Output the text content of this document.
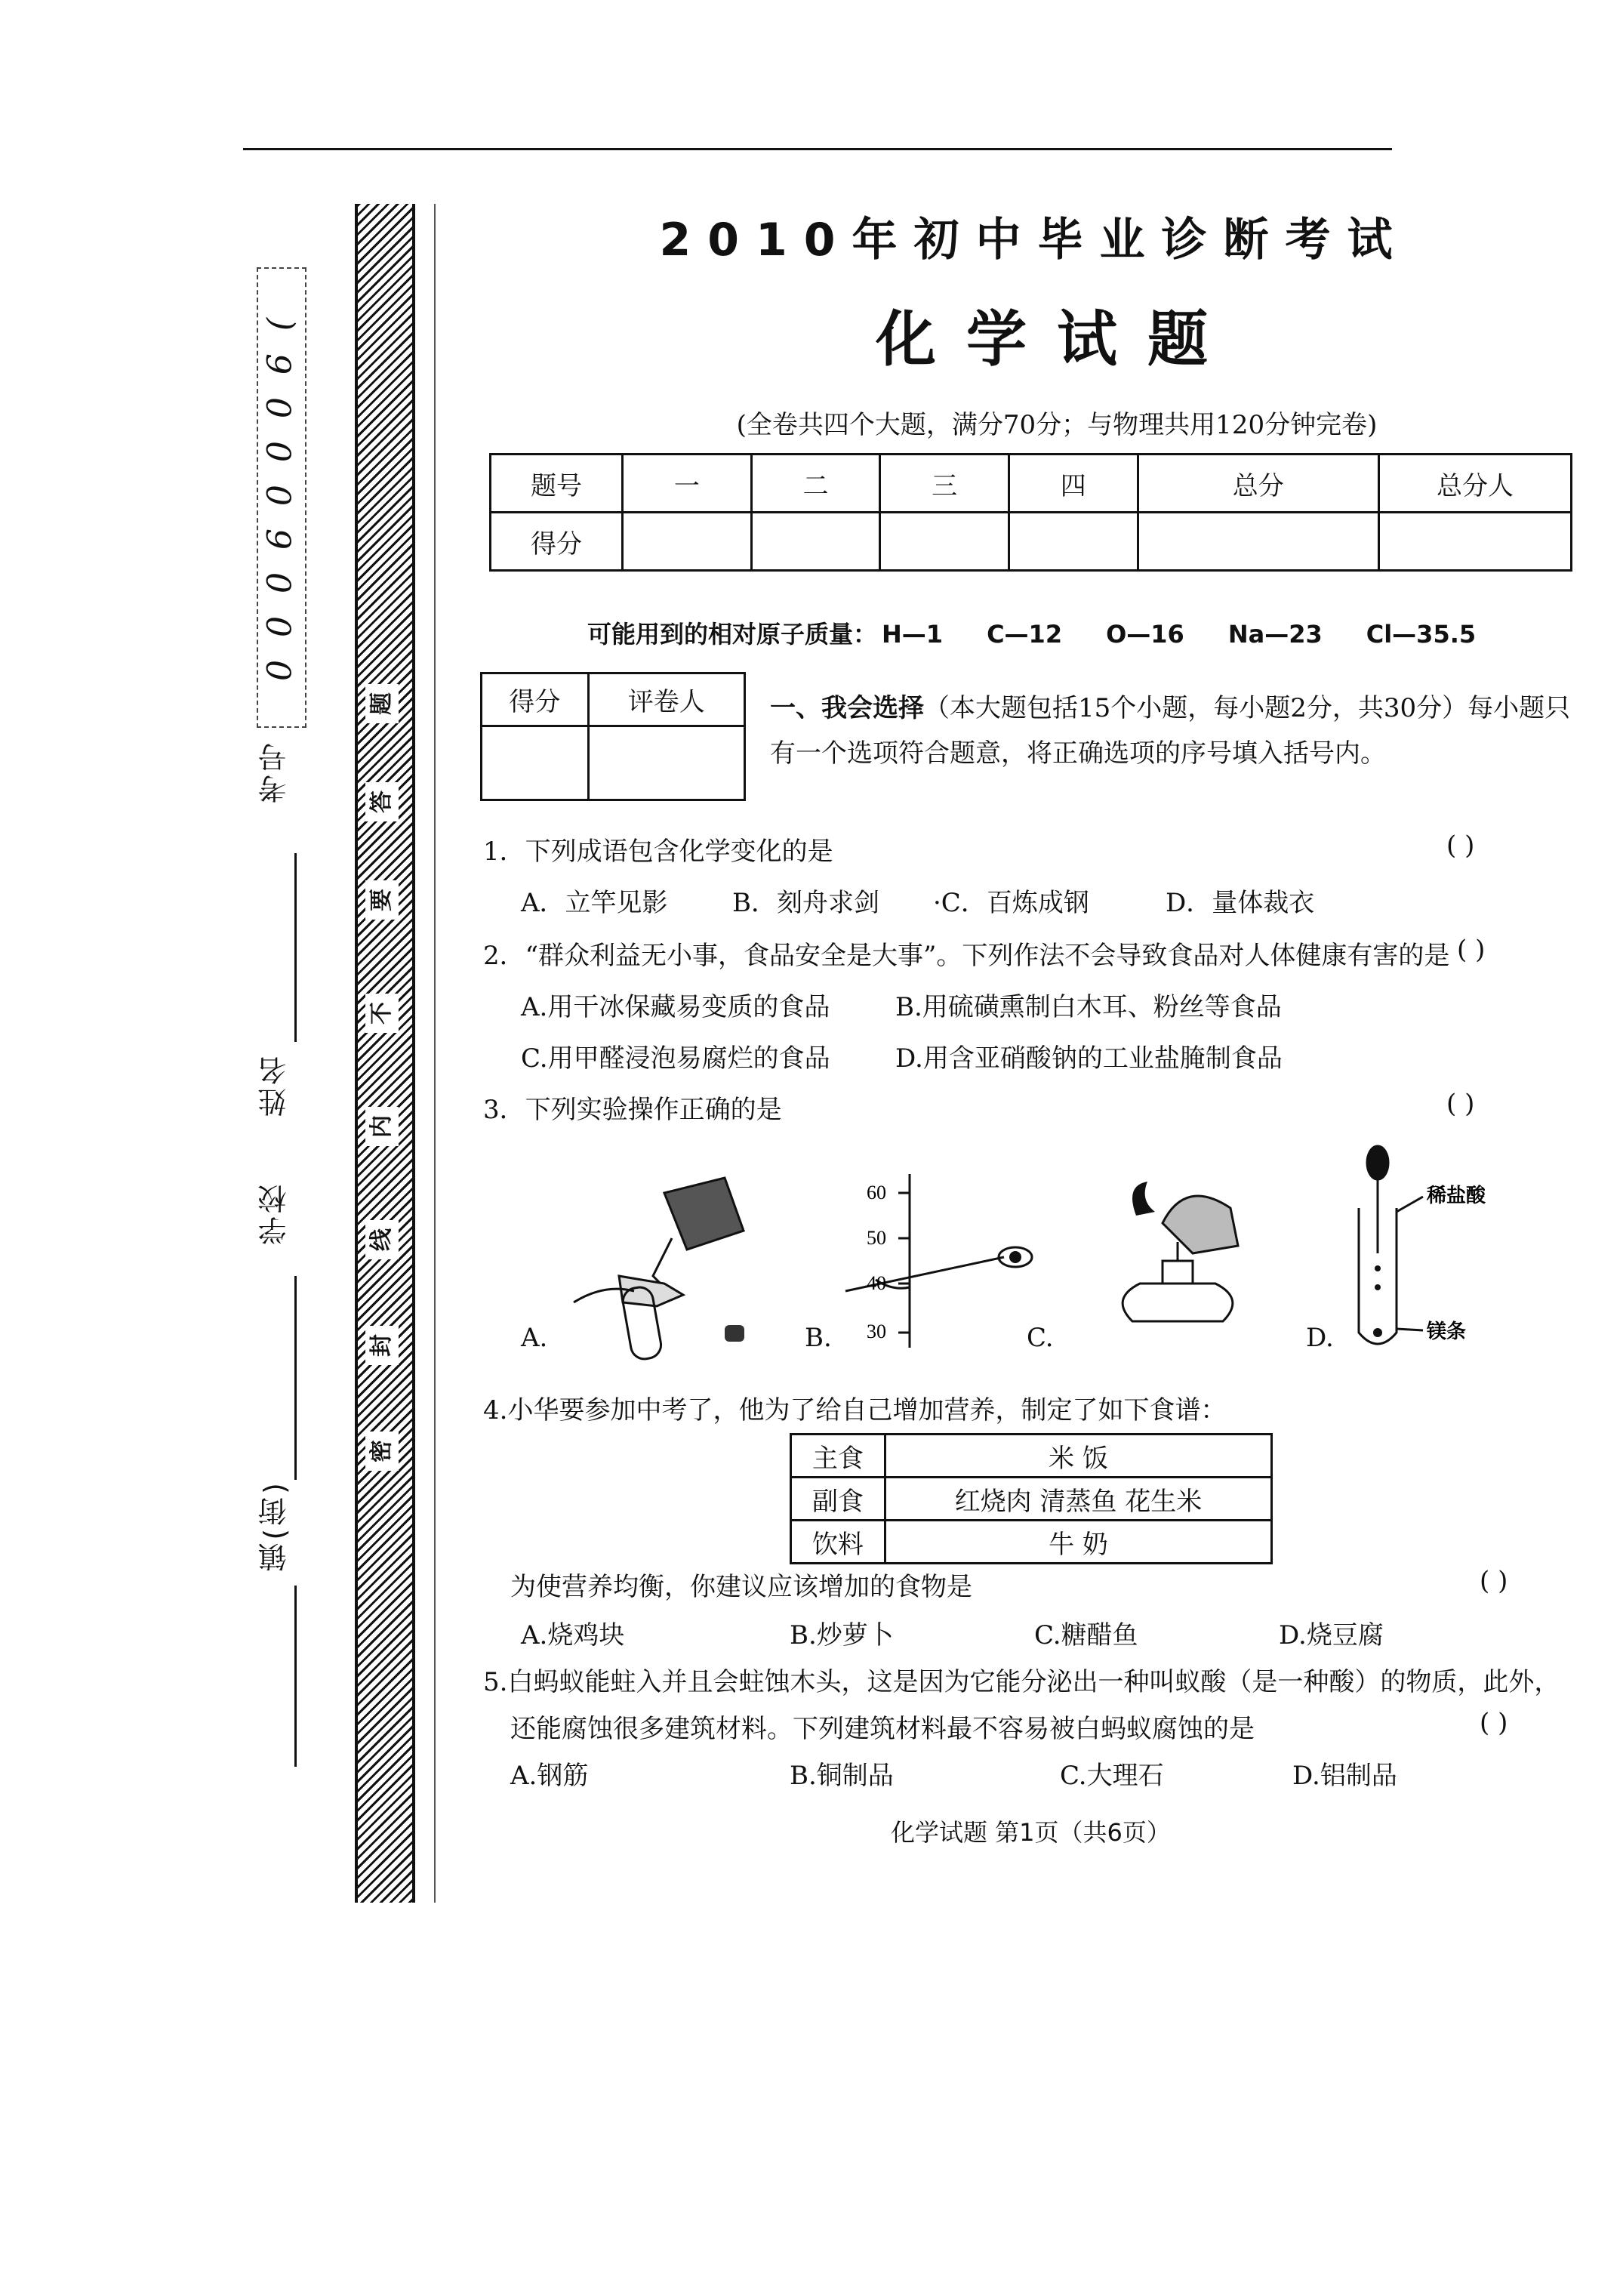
0 0 0 6 0 0 0 6 (
考号
姓名
学校
镇(街)
题
答
要
不
内
线
封
密
2010年初中毕业诊断考试
化学试题
(全卷共四个大题，满分70分；与物理共用120分钟完卷)
题号	一	二	三	四	总分	总分人
得分						
可能用到的相对原子质量： H—1 C—12 O—16 Na—23 Cl—35.5
得分	评卷人
		一、我会选择（本大题包括15个小题，每小题2分，共30分）每小题只有一个选项符合题意，将正确选项的序号填入括号内。
1．下列成语包含化学变化的是	( )
A．立竿见影	B．刻舟求剑 ·C．百炼成钢	D．量体裁衣
2．“群众利益无小事，食品安全是大事”。下列作法不会导致食品对人体健康有害的是 ( )
A.用干冰保藏易变质的食品	B.用硫磺熏制白木耳、粉丝等食品
C.用甲醛浸泡易腐烂的食品	D.用含亚硝酸钠的工业盐腌制食品
3．下列实验操作正确的是	( )
A.
60
50
40
30
B.	C.
稀盐酸
镁条
D.
4.小华要参加中考了，他为了给自己增加营养，制定了如下食谱：
主食	米 饭
副食	红烧肉 清蒸鱼 花生米
饮料	牛 奶
为使营养均衡，你建议应该增加的食物是	( )
A.烧鸡块	B.炒萝卜	C.糖醋鱼	D.烧豆腐
5.白蚂蚁能蛀入并且会蛀蚀木头，这是因为它能分泌出一种叫蚁酸（是一种酸）的物质，此外，
还能腐蚀很多建筑材料。下列建筑材料最不容易被白蚂蚁腐蚀的是	( )
A.钢筋	B.铜制品	C.大理石	D.铝制品
化学试题 第1页（共6页）
